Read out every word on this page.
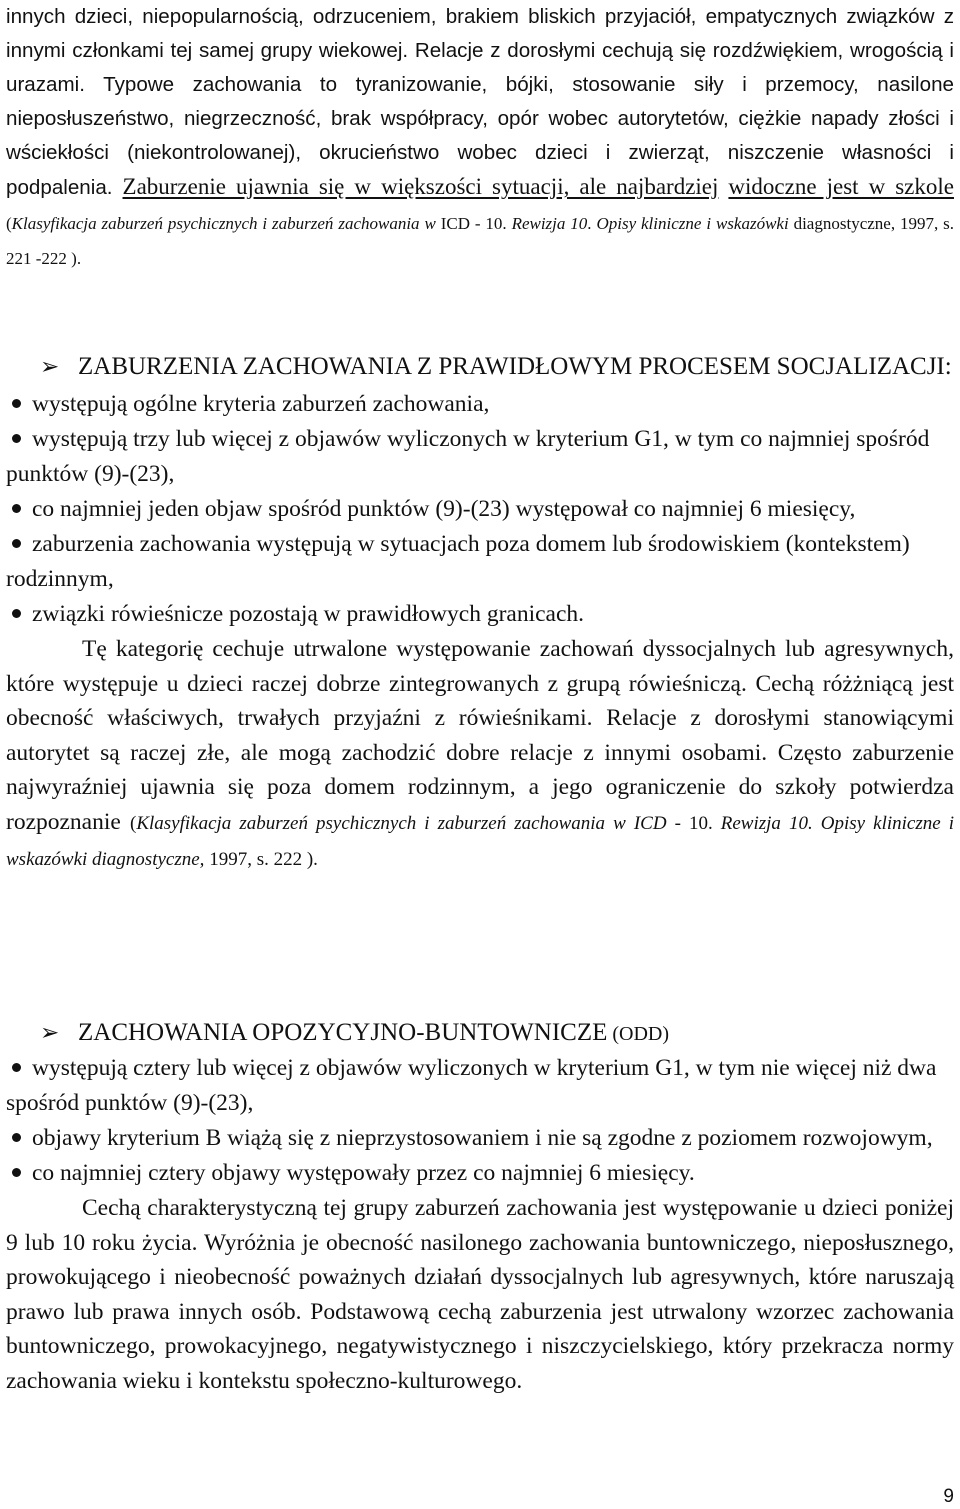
innych dzieci, niepopularnością, odrzuceniem, brakiem bliskich przyjaciół, empatycznych związków z innymi członkami tej samej grupy wiekowej. Relacje z dorosłymi cechują się rozdźwiękiem, wrogością i urazami. Typowe zachowania to tyranizowanie, bójki, stosowanie siły i przemocy, nasilone nieposłuszeństwo, niegrzeczność, brak współpracy, opór wobec autorytetów, ciężkie napady złości i wściekłości (niekontrolowanej), okrucieństwo wobec dzieci i zwierząt, niszczenie własności i podpalenia. Zaburzenie ujawnia się w większości sytuacji, ale najbardziej widoczne jest w szkole (Klasyfikacja zaburzeń psychicznych i zaburzeń zachowania w ICD - 10. Rewizja 10. Opisy kliniczne i wskazówki diagnostyczne, 1997, s. 221 -222 ).
➢ ZABURZENIA ZACHOWANIA Z PRAWIDŁOWYM PROCESEM SOCJALIZACJI:
występują ogólne kryteria zaburzeń zachowania,
występują trzy lub więcej z objawów wyliczonych w kryterium G1, w tym co najmniej spośród punktów (9)-(23),
co najmniej jeden objaw spośród punktów (9)-(23) występował co najmniej 6 miesięcy,
zaburzenia zachowania występują w sytuacjach poza domem lub środowiskiem (kontekstem) rodzinnym,
związki rówieśnicze pozostają w prawidłowych granicach.

Tę kategorię cechuje utrwalone występowanie zachowań dyssocjalnych lub agresywnych, które występuje u dzieci raczej dobrze zintegrowanych z grupą rówieśniczą. Cechą różżniącą jest obecność właściwych, trwałych przyjaźni z rówieśnikami. Relacje z dorosłymi stanowiącymi autorytet są raczej złe, ale mogą zachodzić dobre relacje z innymi osobami. Często zaburzenie najwyraźniej ujawnia się poza domem rodzinnym, a jego ograniczenie do szkoły potwierdza rozpoznanie (Klasyfikacja zaburzeń psychicznych i zaburzeń zachowania w ICD - 10. Rewizja 10. Opisy kliniczne i wskazówki diagnostyczne, 1997, s. 222 ).

➢ ZACHOWANIA OPOZYCYJNO-BUNTOWNICZE (ODD)
występują cztery lub więcej z objawów wyliczonych w kryterium G1, w tym nie więcej niż dwa spośród punktów (9)-(23),
objawy kryterium B wiążą się z nieprzystosowaniem i nie są zgodne z poziomem rozwojowym,
co najmniej cztery objawy występowały przez co najmniej 6 miesięcy.

Cechą charakterystyczną tej grupy zaburzeń zachowania jest występowanie u dzieci poniżej 9 lub 10 roku życia. Wyróżnia je obecność nasilonego zachowania buntowniczego, nieposłusznego, prowokującego i nieobecność poważnych działań dyssocjalnych lub agresywnych, które naruszają prawo lub prawa innych osób. Podstawową cechą zaburzenia jest utrwalony wzorzec zachowania buntowniczego, prowokacyjnego, negatywistycznego i niszczycielskiego, który przekracza normy zachowania wieku i kontekstu społeczno-kulturowego.

9
